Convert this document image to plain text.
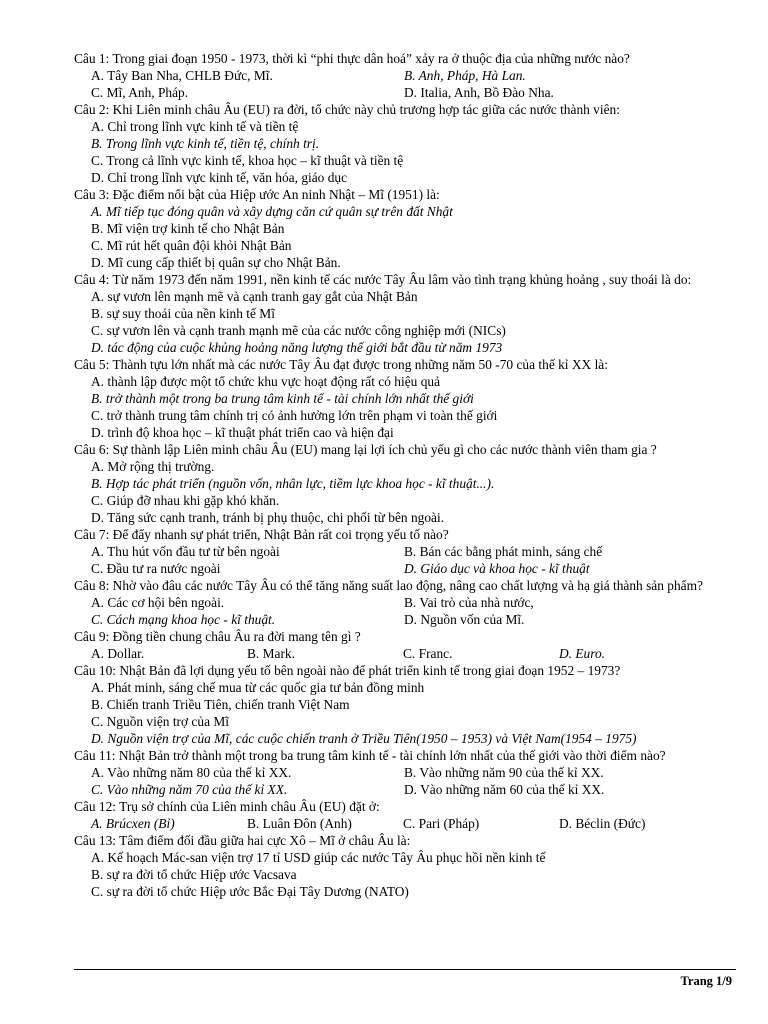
Câu 1: Trong giai đoạn 1950 - 1973, thời kì “phi thực dân hoá” xảy ra ở thuộc địa của những nước nào?

A. Tây Ban Nha, CHLB Đức, Mĩ.	B. Anh, Pháp, Hà Lan.
C. Mĩ, Anh, Pháp.	D. Italia, Anh, Bồ Đào Nha.

Câu 2: Khi Liên minh châu Âu (EU) ra đời, tổ chức này chủ trương hợp tác giữa các nước thành viên:

A. Chỉ trong lĩnh vực kinh tế và tiền tệ

B. Trong lĩnh vực kinh tế, tiền tệ, chính trị.

C. Trong cả lĩnh vực kinh tế, khoa học – kĩ thuật và tiền tệ

D. Chỉ trong lĩnh vực kinh tế, văn hóa, giáo dục

Câu 3: Đặc điểm nổi bật của Hiệp ước An ninh Nhật – Mĩ (1951) là:

A. Mĩ tiếp tục đóng quân và xây dựng căn cứ quân sự trên đất Nhật

B. Mĩ viện trợ kinh tế cho Nhật Bản

C. Mĩ rút hết quân đội khỏi Nhật Bản

D. Mĩ cung cấp thiết bị quân sự cho Nhật Bản.

Câu 4: Từ năm 1973 đến năm 1991, nền kinh tế các nước Tây Âu lâm vào tình trạng khủng hoảng , suy thoái là do:

A. sự vươn lên mạnh mẽ và cạnh tranh gay gắt của Nhật Bản

B. sự suy thoái của nền kinh tế Mĩ

C. sự vươn lên và cạnh tranh mạnh mẽ của các nước công nghiệp mới (NICs)

D. tác động của cuộc khủng hoảng năng lượng thế giới bắt đầu từ năm 1973

Câu 5: Thành tựu lớn nhất mà các nước Tây Âu đạt được trong những năm 50 -70 của thế kỉ XX là:

A. thành lập được một tổ chức khu vực hoạt động rất có hiệu quả

B. trở thành một trong ba trung tâm kinh tế - tài chính lớn nhất thế giới

C. trở thành trung tâm chính trị có ảnh hưởng lớn trên phạm vi toàn thế giới

D. trình độ khoa học – kĩ thuật phát triển cao và hiện đại

Câu 6: Sự thành lập Liên minh châu Âu (EU) mang lại lợi ích chủ yếu gì cho các nước thành viên tham gia ?

A. Mở rộng thị trường.

B. Hợp tác phát triển (nguồn vốn, nhân lực, tiềm lực khoa học - kĩ thuật...).

C. Giúp đỡ nhau khi gặp khó khăn.

D. Tăng sức cạnh tranh, tránh bị phụ thuộc, chi phối từ bên ngoài.

Câu 7: Để đẩy nhanh sự phát triển, Nhật Bản rất coi trọng yếu tố nào?

A. Thu hút vốn đầu tư từ bên ngoài	B. Bán các bằng phát minh, sáng chế
C. Đầu tư ra nước ngoài	D. Giáo dục và khoa học - kĩ thuật

Câu 8: Nhờ vào đâu các nước Tây Âu có thể tăng năng suất lao động, nâng cao chất lượng và hạ giá thành sản phẩm?

A. Các cơ hội bên ngoài.	B. Vai trò của nhà nước,
C. Cách mạng khoa học - kĩ thuật.	D. Nguồn vốn của Mĩ.

Câu 9: Đồng tiền chung châu Âu ra đời mang tên gì ?

A. Dollar.	B. Mark.	C. Franc.	D. Euro.

Câu 10: Nhật Bản đã lợi dụng yếu tố bên ngoài nào để phát triển kinh tế trong giai đoạn 1952 – 1973?

A. Phát minh, sáng chế mua từ các quốc gia tư bản đồng minh

B. Chiến tranh Triều Tiên, chiến tranh Việt Nam

C. Nguồn viện trợ của Mĩ

D. Nguồn viện trợ của Mĩ, các cuộc chiến tranh ở Triều Tiên(1950 – 1953) và Việt Nam(1954 – 1975)

Câu 11: Nhật Bản trở thành một trong ba trung tâm kinh tế - tài chính lớn nhất của thế giới vào thời điểm nào?

A. Vào những năm 80 của thế kỉ XX.	B. Vào những năm 90 của thế kỉ XX.
C. Vào những năm 70 của thế kỉ XX.	D. Vào những năm 60 của thế kỉ XX.

Câu 12: Trụ sở chính của Liên minh châu Âu (EU) đặt ở:

A. Brúcxen (Bỉ)	B. Luân Đôn (Anh)	C. Pari (Pháp)	D. Béclin (Đức)

Câu 13: Tâm điểm đối đầu giữa hai cực Xô – Mĩ ở châu Âu là:

A. Kế hoạch Mác-san viện trợ 17 tỉ USD giúp các nước Tây Âu phục hồi nền kinh tế

B. sự ra đời tổ chức Hiệp ước Vacsava

C. sự ra đời tổ chức Hiệp ước Bắc Đại Tây Dương (NATO)

Trang 1/9
